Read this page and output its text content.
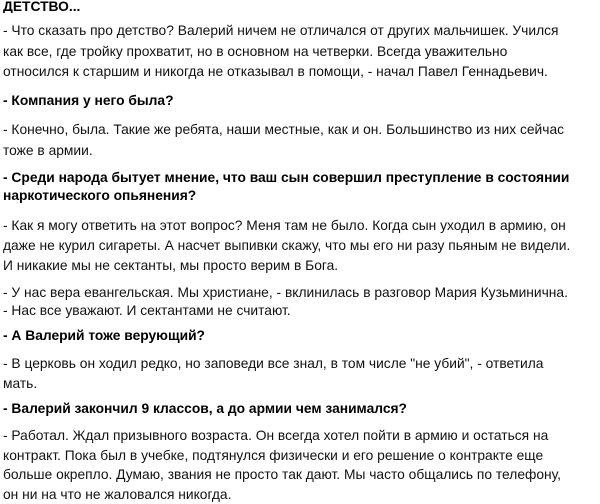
ДЕТСТВО...
- Что сказать про детство? Валерий ничем не отличался от других мальчишек. Учился
как все, где тройку прохватит, но в основном на четверки. Всегда уважительно
относился к старшим и никогда не отказывал в помощи, - начал Павел Геннадьевич.
- Компания у него была?
- Конечно, была. Такие же ребята, наши местные, как и он. Большинство из них сейчас
тоже в армии.
- Среди народа бытует мнение, что ваш сын совершил преступление в состоянии
наркотического опьянения?
- Как я могу ответить на этот вопрос? Меня там не было. Когда сын уходил в армию, он
даже не курил сигареты. А насчет выпивки скажу, что мы его ни разу пьяным не видели.
И никакие мы не сектанты, мы просто верим в Бога.
- У нас вера евангельская. Мы христиане, - вклинилась в разговор Мария Кузьминична.
- Нас все уважают. И сектантами не считают.
- А Валерий тоже верующий?
- В церковь он ходил редко, но заповеди все знал, в том числе "не убий", - ответила
мать.
- Валерий закончил 9 классов, а до армии чем занимался?
- Работал. Ждал призывного возраста. Он всегда хотел пойти в армию и остаться на
контракт. Пока был в учебке, подтянулся физически и его решение о контракте еще
больше окрепло. Думаю, звания не просто так дают. Мы часто общались по телефону,
он ни на что не жаловался никогда.
